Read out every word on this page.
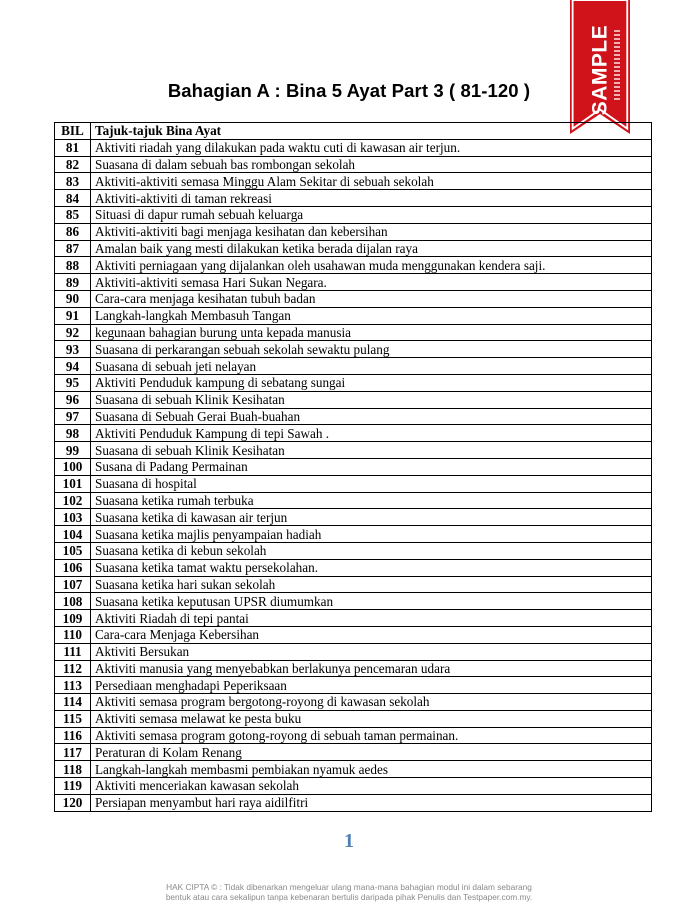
Bahagian A : Bina 5 Ayat Part 3 ( 81-120 )	SAMPLE
BIL	Tajuk-tajuk Bina Ayat
81	Aktiviti riadah yang dilakukan pada waktu cuti di kawasan air terjun.
82	Suasana di dalam sebuah bas rombongan sekolah
83	Aktiviti-aktiviti semasa Minggu Alam Sekitar di sebuah sekolah
84	Aktiviti-aktiviti di taman rekreasi
85	Situasi di dapur rumah sebuah keluarga
86	Aktiviti-aktiviti bagi menjaga kesihatan dan kebersihan
87	Amalan baik yang mesti dilakukan ketika berada dijalan raya
88	Aktiviti perniagaan yang dijalankan oleh usahawan muda menggunakan kendera saji.
89	Aktiviti-aktiviti semasa Hari Sukan Negara.
90	Cara-cara menjaga kesihatan tubuh badan
91	Langkah-langkah Membasuh Tangan
92	kegunaan bahagian burung unta kepada manusia
93	Suasana di perkarangan sebuah sekolah sewaktu pulang
94	Suasana di sebuah jeti nelayan
95	Aktiviti Penduduk kampung di sebatang sungai
96	Suasana di sebuah Klinik Kesihatan
97	Suasana di Sebuah Gerai Buah-buahan
98	Aktiviti Penduduk Kampung di tepi Sawah .
99	Suasana di sebuah Klinik Kesihatan
100	Susana di Padang Permainan
101	Suasana di hospital
102	Suasana ketika rumah terbuka
103	Suasana ketika di kawasan air terjun
104	Suasana ketika majlis penyampaian hadiah
105	Suasana ketika di kebun sekolah
106	Suasana ketika tamat waktu persekolahan.
107	Suasana ketika hari sukan sekolah
108	Suasana ketika keputusan UPSR diumumkan
109	Aktiviti Riadah di tepi pantai
110	Cara-cara Menjaga Kebersihan
111	Aktiviti Bersukan
112	Aktiviti manusia yang menyebabkan berlakunya pencemaran udara
113	Persediaan menghadapi Peperiksaan
114	Aktiviti semasa program bergotong-royong di kawasan sekolah
115	Aktiviti semasa melawat ke pesta buku
116	Aktiviti semasa program gotong-royong di sebuah taman permainan.
117	Peraturan di Kolam Renang
118	Langkah-langkah membasmi pembiakan nyamuk aedes
119	Aktiviti menceriakan kawasan sekolah
120	Persiapan menyambut hari raya aidilfitri
1
HAK CIPTA © : Tidak dibenarkan mengeluar ulang mana-mana bahagian modul ini dalam sebarang
bentuk atau cara sekalipun tanpa kebenaran bertulis daripada pihak Penulis dan Testpaper.com.my.
